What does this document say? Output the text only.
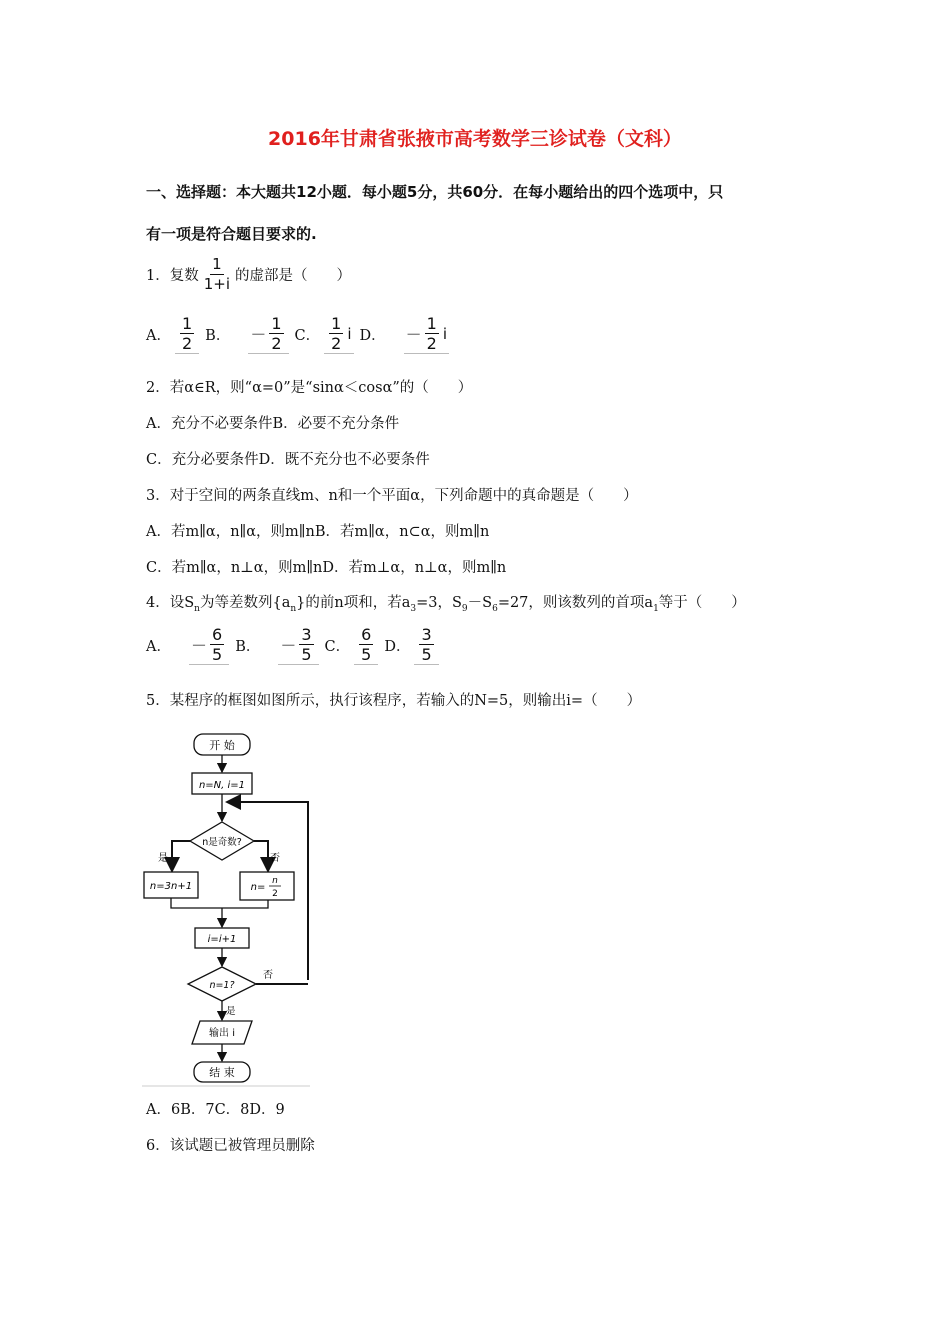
2016年甘肃省张掖市高考数学三诊试卷（文科）
一、选择题：本大题共12小题．每小题5分，共60分．在每小题给出的四个选项中，只
有一项是符合题目要求的.
1．复数 $\frac{1}{1+i}$ 的虚部是（　　）
A． $\frac{1}{2}$ B． － $\frac{1}{2}$ C． $\frac{1}{2}$ i D． － $\frac{1}{2}$ i
2．若α∈R，则“α=0”是“sinα＜cosα”的（　　）
A．充分不必要条件B．必要不充分条件
C．充分必要条件D．既不充分也不必要条件
3．对于空间的两条直线m、n和一个平面α，下列命题中的真命题是（　　）
A．若m∥α，n∥α，则m∥nB．若m∥α，n⊂α，则m∥n
C．若m∥α，n⊥α，则m∥nD．若m⊥α，n⊥α，则m∥n
4．设$S_n$为等差数列$\{a_n\}$的前n项和，若$a_3=3$，$S_9-S_6=27$，则该数列的首项$a_1$等于（　　）
A． － $\frac{6}{5}$ B． － $\frac{3}{5}$ C． $\frac{6}{5}$ D． $\frac{3}{5}$
5．某程序的框图如图所示，执行该程序，若输入的N=5，则输出i=（　　）
开 始
n=N, i=1
n是奇数?
是	否
n=3n+1	n=
n
2
i=i+1
n=1?
否
是
输出 i
结 束
A．6B．7C．8D．9
6．该试题已被管理员删除
